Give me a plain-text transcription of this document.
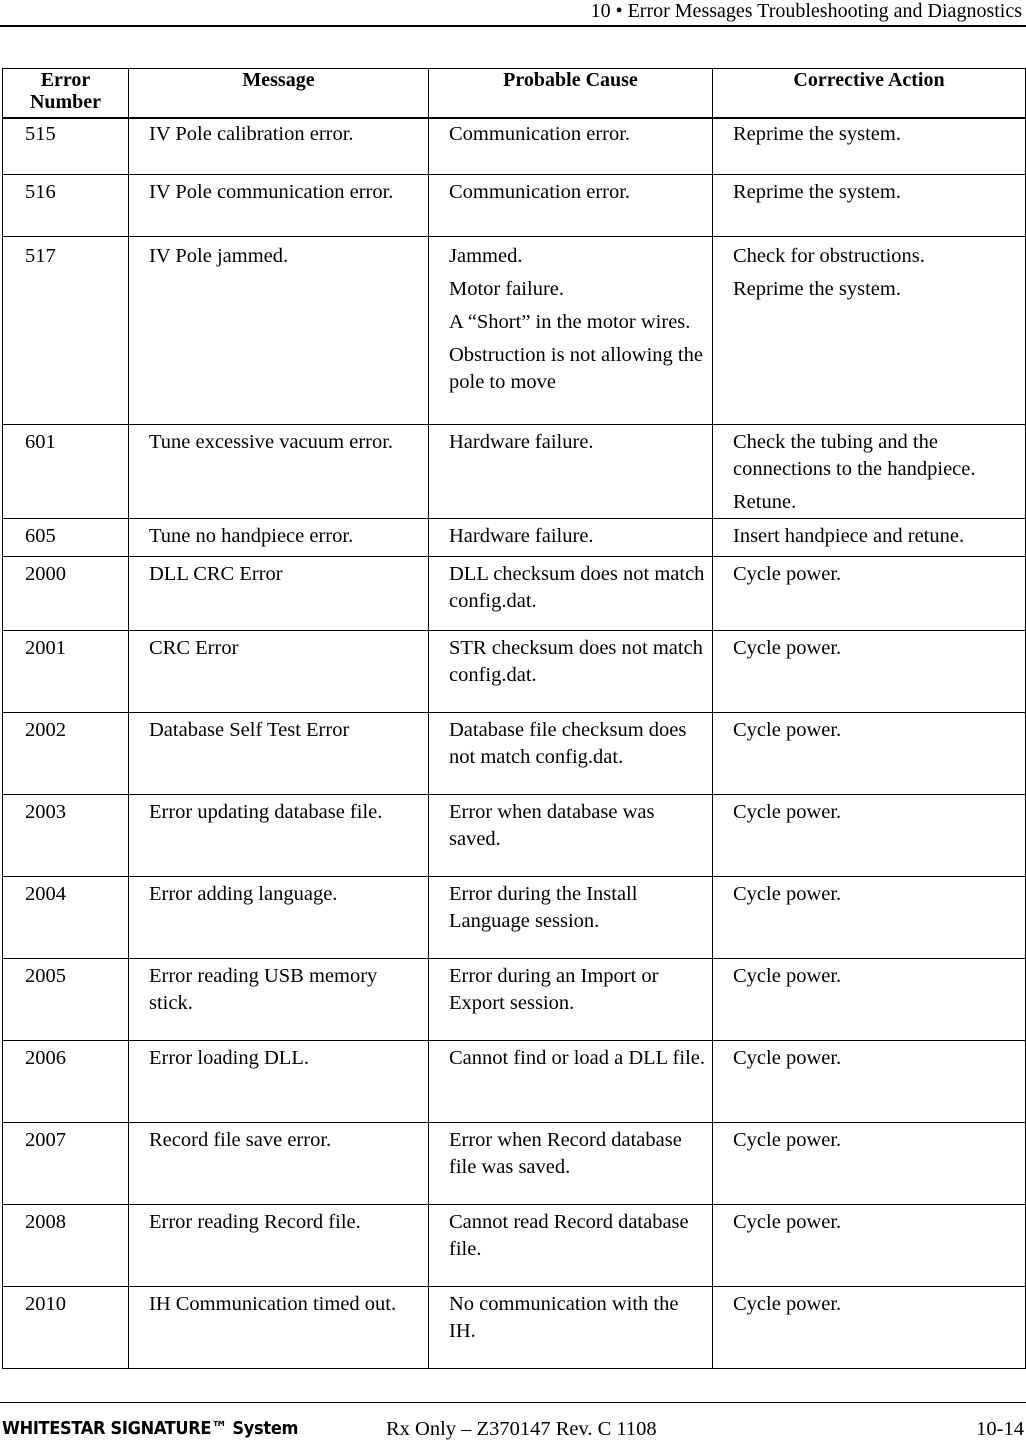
10 • Error Messages Troubleshooting and Diagnostics
Error Number	Message	Probable Cause	Corrective Action
515	IV Pole calibration error.	Communication error.	Reprime the system.

516	IV Pole communication error.	Communication error.	Reprime the system.

517	IV Pole jammed.	Jammed.
Motor failure.
A “Short” in the motor wires.
Obstruction is not allowing the pole to move	Check for obstructions.
Reprime the system.

601	Tune excessive vacuum error.	Hardware failure.	Check the tubing and the connections to the handpiece.
Retune.

605	Tune no handpiece error.	Hardware failure.	Insert handpiece and retune.

2000	DLL CRC Error	DLL checksum does not match config.dat.	Cycle power.

2001	CRC Error	STR checksum does not match config.dat.	Cycle power.

2002	Database Self Test Error	Database file checksum does not match config.dat.	Cycle power.

2003	Error updating database file.	Error when database was saved.	Cycle power.

2004	Error adding language.	Error during the Install Language session.	Cycle power.

2005	Error reading USB memory stick.	Error during an Import or Export session.	Cycle power.

2006	Error loading DLL.	Cannot find or load a DLL file.	Cycle power.

2007	Record file save error.	Error when Record database file was saved.	Cycle power.

2008	Error reading Record file.	Cannot read Record database file.	Cycle power.

2010	IH Communication timed out.	No communication with the IH.	Cycle power.
WHITESTAR SIGNATURE™ System	Rx Only – Z370147 Rev. C 1108	10-14
